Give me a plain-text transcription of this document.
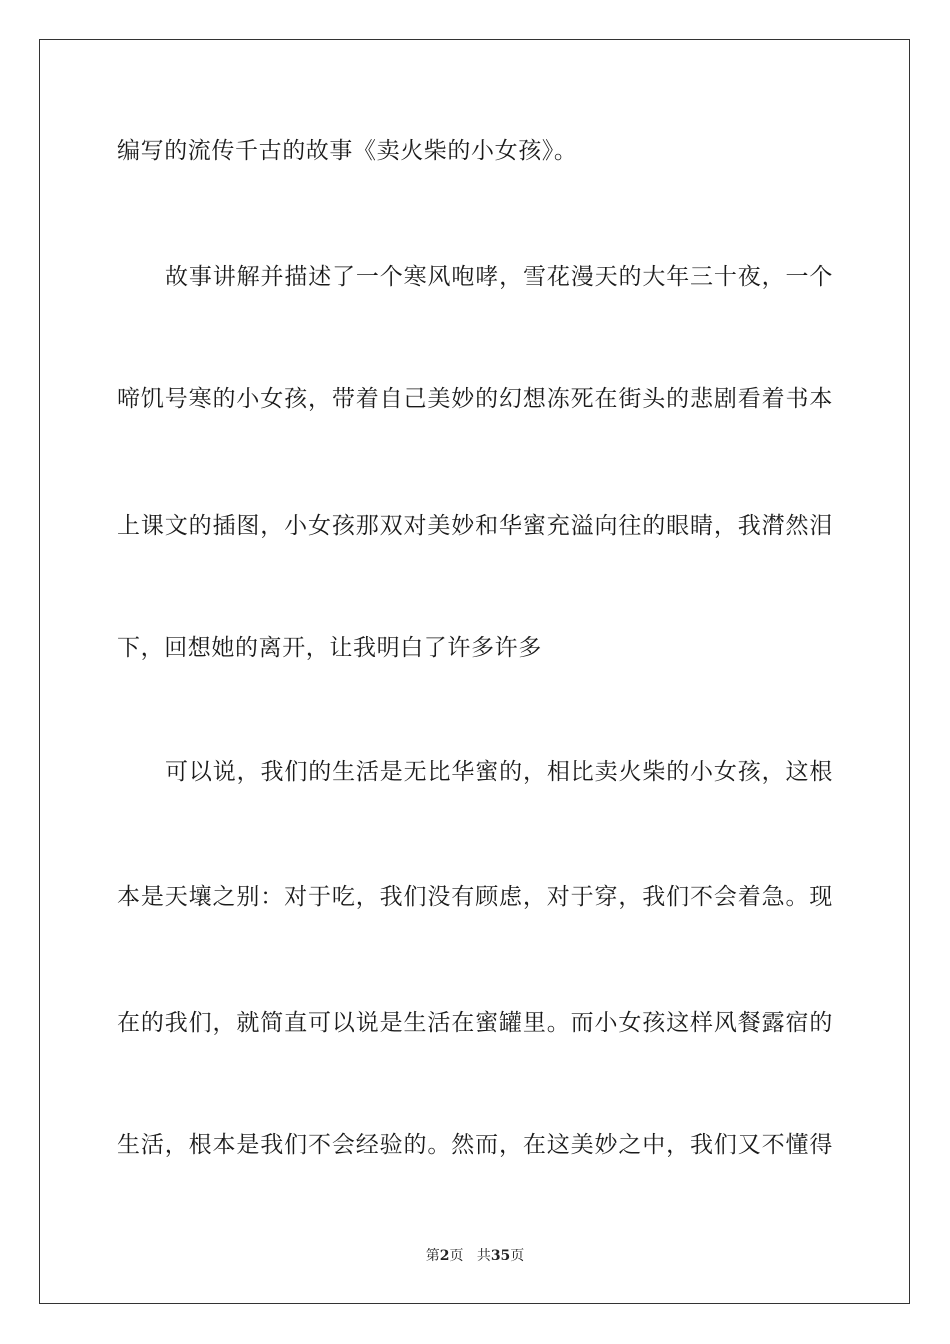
编写的流传千古的故事《卖火柴的小女孩》。
故事讲解并描述了一个寒风咆哮，雪花漫天的大年三十夜，一个
啼饥号寒的小女孩，带着自己美妙的幻想冻死在街头的悲剧看着书本
上课文的插图，小女孩那双对美妙和华蜜充溢向往的眼睛，我潸然泪
下，回想她的离开，让我明白了许多许多
可以说，我们的生活是无比华蜜的，相比卖火柴的小女孩，这根
本是天壤之别：对于吃，我们没有顾虑，对于穿，我们不会着急。现
在的我们，就简直可以说是生活在蜜罐里。而小女孩这样风餐露宿的
生活，根本是我们不会经验的。然而，在这美妙之中，我们又不懂得
第2页 共35页
